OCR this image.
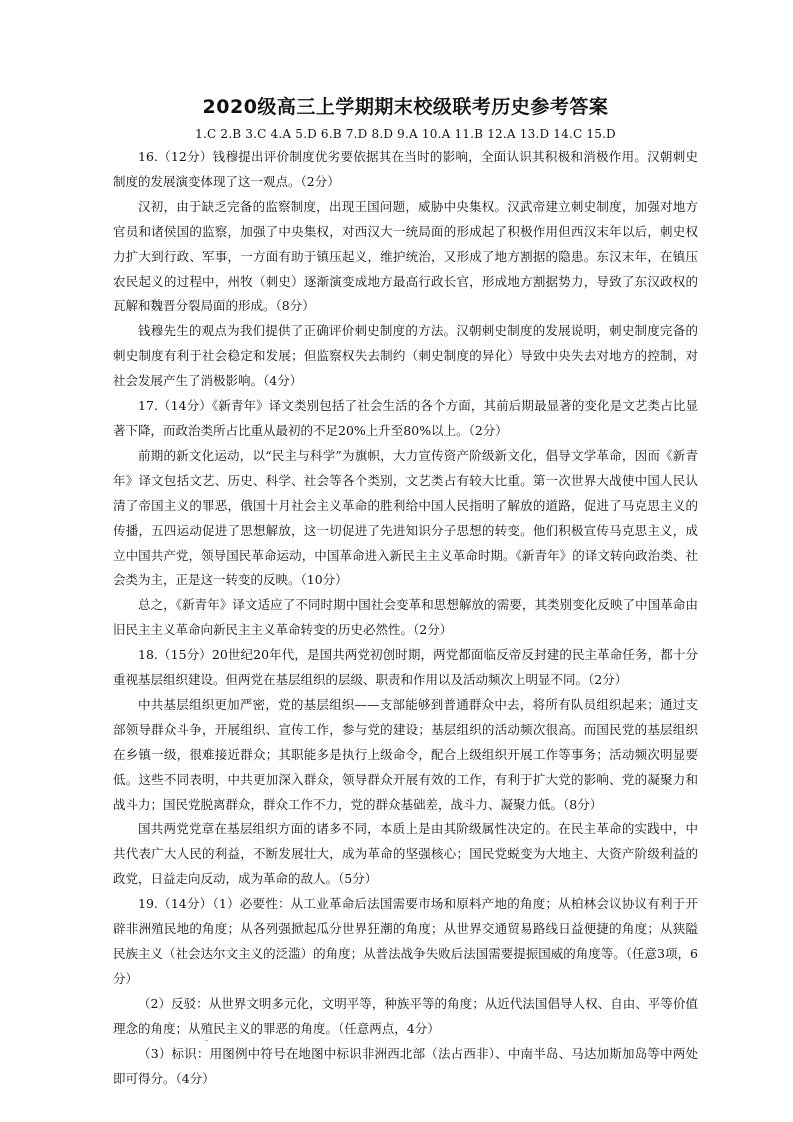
2020级高三上学期期末校级联考历史参考答案

1.C 2.B 3.C 4.A 5.D 6.B 7.D 8.D 9.A 10.A 11.B 12.A 13.D 14.C 15.D

16.（12分）钱穆提出评价制度优劣要依据其在当时的影响，全面认识其积极和消极作用。汉朝刺史制度的发展演变体现了这一观点。（2分）

汉初，由于缺乏完备的监察制度，出现王国问题，威胁中央集权。汉武帝建立刺史制度，加强对地方官员和诸侯国的监察，加强了中央集权，对西汉大一统局面的形成起了积极作用但西汉末年以后，刺史权力扩大到行政、军事，一方面有助于镇压起义，维护统治，又形成了地方割据的隐患。东汉末年，在镇压农民起义的过程中，州牧（刺史）逐渐演变成地方最高行政长官，形成地方割据势力，导致了东汉政权的瓦解和魏晋分裂局面的形成。（8分）

钱穆先生的观点为我们提供了正确评价刺史制度的方法。汉朝刺史制度的发展说明，刺史制度完备的刺史制度有利于社会稳定和发展；但监察权失去制约（刺史制度的异化）导致中央失去对地方的控制，对社会发展产生了消极影响。（4分）

17.（14分）《新青年》译文类别包括了社会生活的各个方面，其前后期最显著的变化是文艺类占比显著下降，而政治类所占比重从最初的不足20%上升至80%以上。（2分）

前期的新文化运动，以“民主与科学”为旗帜，大力宣传资产阶级新文化，倡导文学革命，因而《新青年》译文包括文艺、历史、科学、社会等各个类别，文艺类占有较大比重。第一次世界大战使中国人民认清了帝国主义的罪恶，俄国十月社会主义革命的胜利给中国人民指明了解放的道路，促进了马克思主义的传播，五四运动促进了思想解放，这一切促进了先进知识分子思想的转变。他们积极宣传马克思主义，成立中国共产党，领导国民革命运动，中国革命进入新民主主义革命时期。《新青年》的译文转向政治类、社会类为主，正是这一转变的反映。（10分）

总之，《新青年》译文适应了不同时期中国社会变革和思想解放的需要，其类别变化反映了中国革命由旧民主主义革命向新民主主义革命转变的历史必然性。（2分）

18.（15分）20世纪20年代，是国共两党初创时期，两党都面临反帝反封建的民主革命任务，都十分重视基层组织建设。但两党在基层组织的层级、职责和作用以及活动频次上明显不同。（2分）

中共基层组织更加严密，党的基层组织——支部能够到普通群众中去，将所有队员组织起来；通过支部领导群众斗争，开展组织、宣传工作，参与党的建设；基层组织的活动频次很高。而国民党的基层组织在乡镇一级，很难接近群众；其职能多是执行上级命令，配合上级组织开展工作等事务；活动频次明显要低。这些不同表明，中共更加深入群众，领导群众开展有效的工作，有利于扩大党的影响、党的凝聚力和战斗力；国民党脱离群众，群众工作不力，党的群众基础差，战斗力、凝聚力低。（8分）

国共两党党章在基层组织方面的诸多不同，本质上是由其阶级属性决定的。在民主革命的实践中，中共代表广大人民的利益，不断发展壮大，成为革命的坚强核心；国民党蜕变为大地主、大资产阶级利益的政党，日益走向反动，成为革命的敌人。（5分）

19.（14分）（1）必要性：从工业革命后法国需要市场和原料产地的角度；从柏林会议协议有利于开辟非洲殖民地的角度；从各列强掀起瓜分世界狂潮的角度；从世界交通贸易路线日益便捷的角度；从狭隘民族主义（社会达尔文主义的泛滥）的角度；从普法战争失败后法国需要提振国威的角度等。（任意3项，6分）

（2）反驳：从世界文明多元化，文明平等，种族平等的角度；从近代法国倡导人权、自由、平等价值理念的角度；从殖民主义的罪恶的角度。（任意两点，4分）

（3）标识：用图例中符号在地图中标识非洲西北部（法占西非）、中南半岛、马达加斯加岛等中两处即可得分。（4分）
